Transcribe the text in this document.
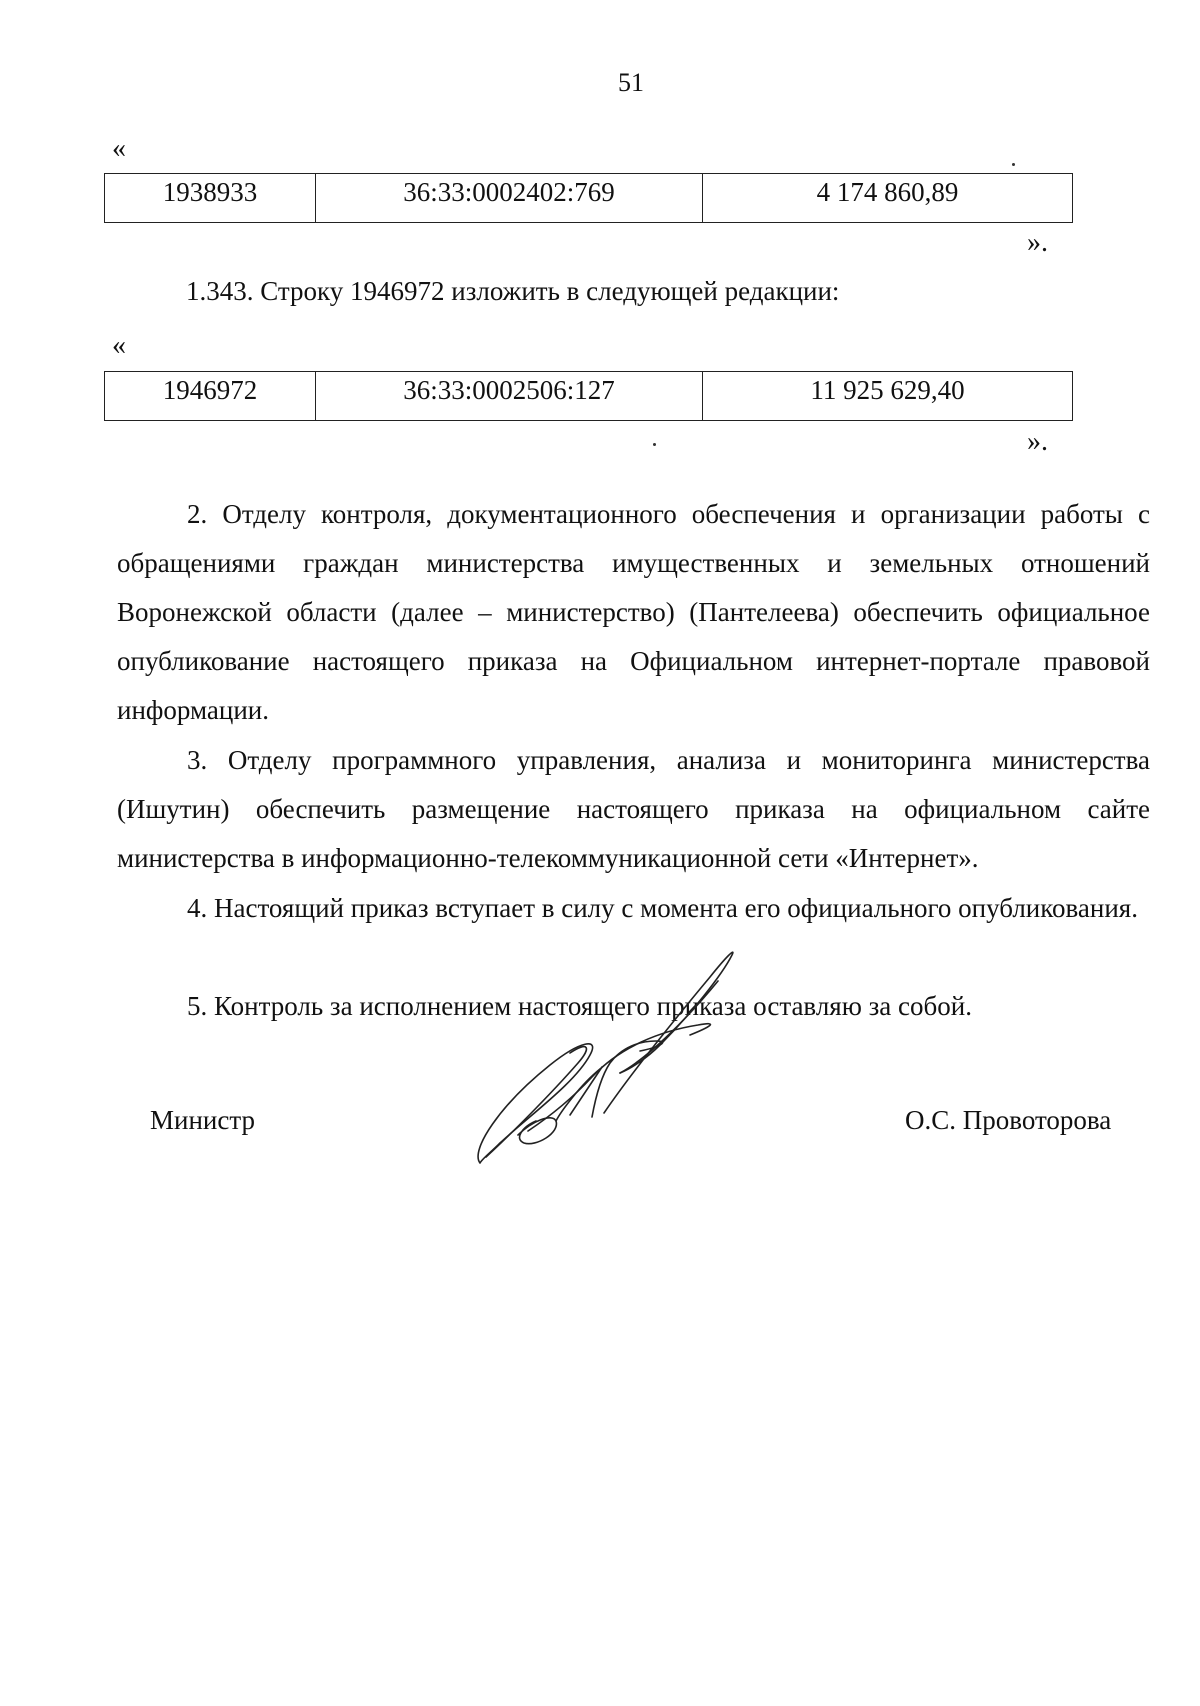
51
«
1938933	36:33:0002402:769	4 174 860,89
».
1.343. Строку 1946972 изложить в следующей редакции:
«
1946972	36:33:0002506:127	11 925 629,40
».
2. Отделу контроля, документационного обеспечения и организации работы с обращениями граждан министерства имущественных и земельных отношений Воронежской области (далее – министерство) (Пантелеева) обеспечить официальное опубликование настоящего приказа на Официальном интернет-портале правовой информации.
3. Отделу программного управления, анализа и мониторинга министерства (Ишутин) обеспечить размещение настоящего приказа на официальном сайте министерства в информационно-телекоммуникационной сети «Интернет».
4. Настоящий приказ вступает в силу с момента его официального опубликования.
5. Контроль за исполнением настоящего приказа оставляю за собой.
Министр	О.С. Провоторова
